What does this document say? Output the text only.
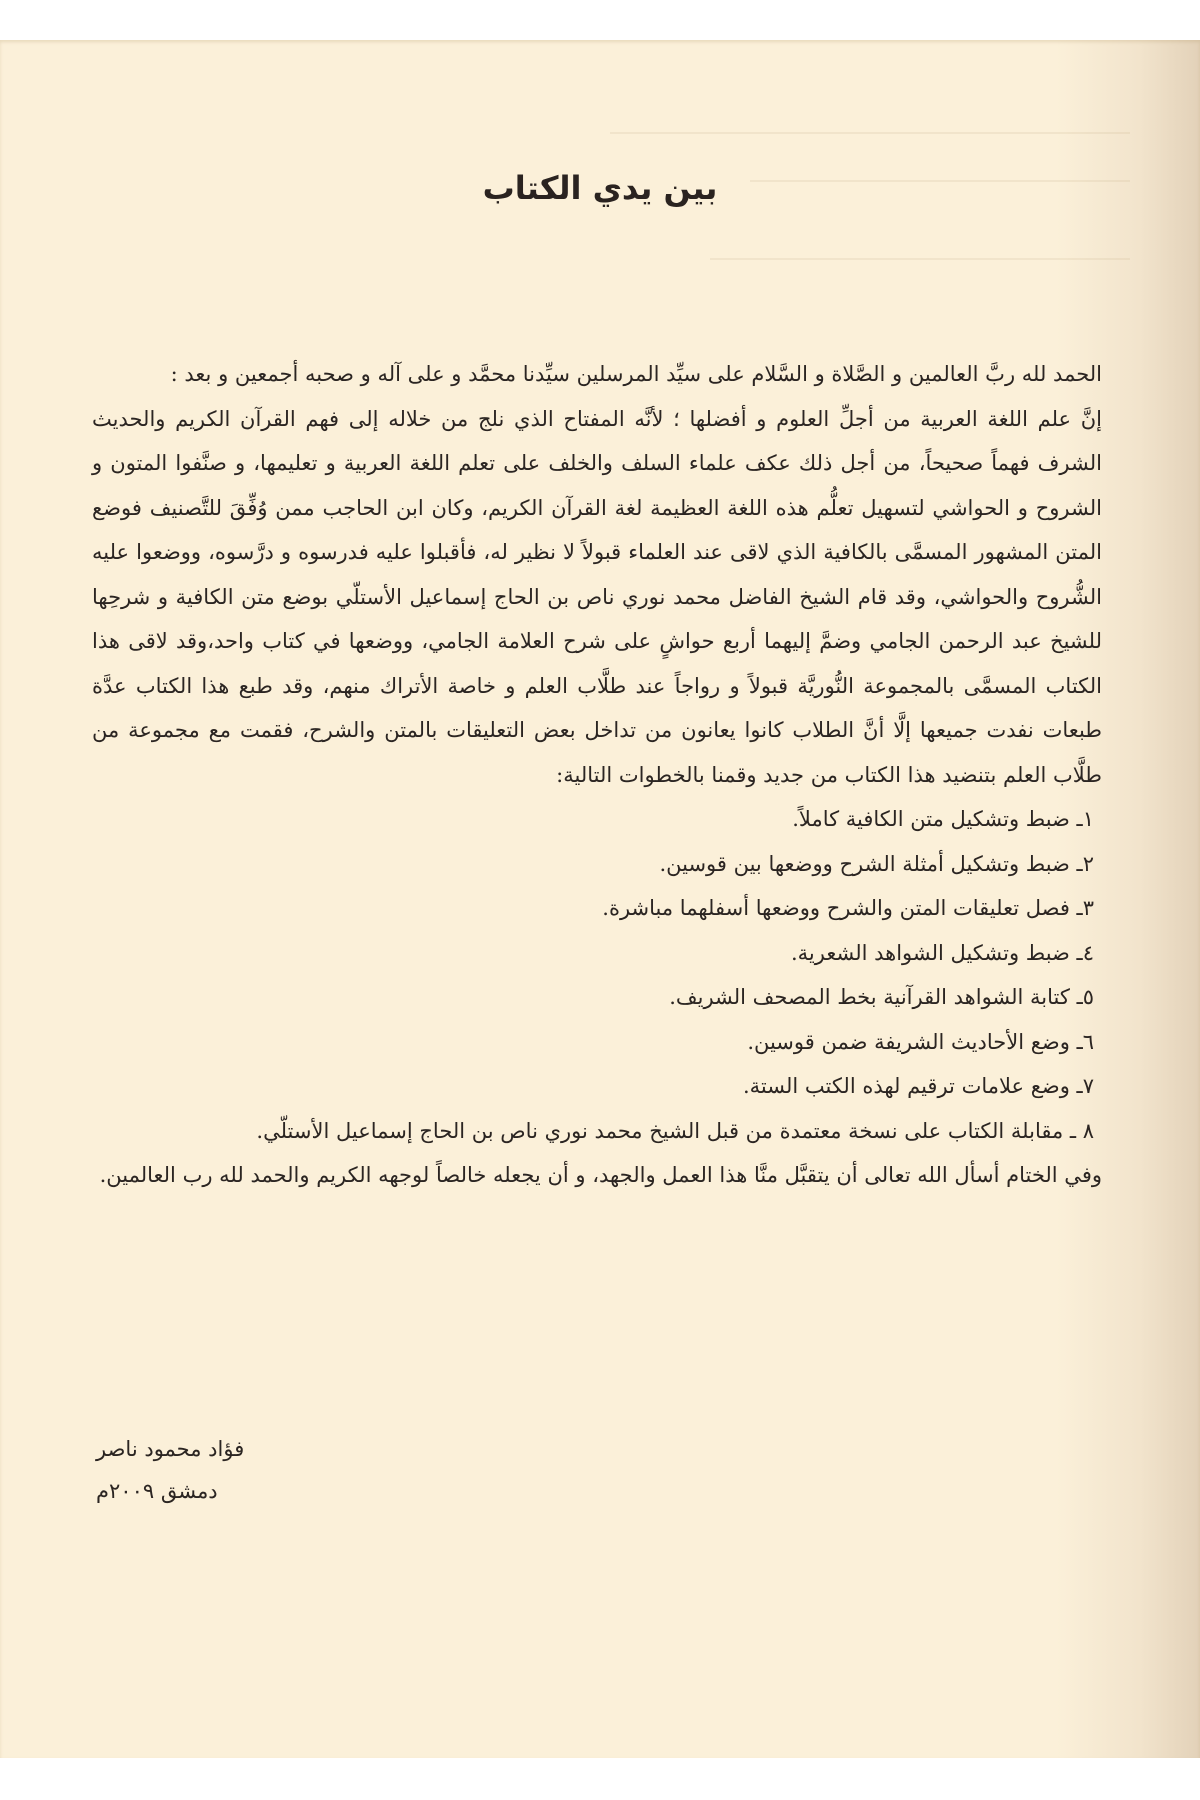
بين يدي الكتاب

الحمد لله ربَّ العالمين و الصَّلاة و السَّلام على سيِّد المرسلين سيِّدنا محمَّد و على آله و صحبه أجمعين و بعد :

إنَّ علم اللغة العربية من أجلِّ العلوم و أفضلها ؛ لأنَّه المفتاح الذي نلج من خلاله إلى فهم القرآن الكريم والحديث الشرف فهماً صحيحاً، من أجل ذلك عكف علماء السلف والخلف على تعلم اللغة العربية و تعليمها، و صنَّفوا المتون و الشروح و الحواشي لتسهيل تعلُّم هذه اللغة العظيمة لغة القرآن الكريم، وكان ابن الحاجب ممن وُفِّقَ للتَّصنيف فوضع المتن المشهور المسمَّى بالكافية الذي لاقى عند العلماء قبولاً لا نظير له، فأقبلوا عليه فدرسوه و درَّسوه، ووضعوا عليه الشُّروح والحواشي، وقد قام الشيخ الفاضل محمد نوري ناص بن الحاج إسماعيل الأستلّي بوضع متن الكافية و شرحِها للشيخ عبد الرحمن الجامي وضمَّ إليهما أربع حواشٍ على شرح العلامة الجامي، ووضعها في كتاب واحد،وقد لاقى هذا الكتاب المسمَّى بالمجموعة النُّوريَّة قبولاً و رواجاً عند طلَّاب العلم و خاصة الأتراك منهم، وقد طبع هذا الكتاب عدَّة طبعات نفدت جميعها إلَّا أنَّ الطلاب كانوا يعانون من تداخل بعض التعليقات بالمتن والشرح، فقمت مع مجموعة من طلَّاب العلم بتنضيد هذا الكتاب من جديد وقمنا بالخطوات التالية:

١ـ ضبط وتشكيل متن الكافية كاملاً.
٢ـ ضبط وتشكيل أمثلة الشرح ووضعها بين قوسين.
٣ـ فصل تعليقات المتن والشرح ووضعها أسفلهما مباشرة.
٤ـ ضبط وتشكيل الشواهد الشعرية.
٥ـ كتابة الشواهد القرآنية بخط المصحف الشريف.
٦ـ وضع الأحاديث الشريفة ضمن قوسين.
٧ـ وضع علامات ترقيم لهذه الكتب الستة.
٨ ـ مقابلة الكتاب على نسخة معتمدة من قبل الشيخ محمد نوري ناص بن الحاج إسماعيل الأستلّي.

وفي الختام أسأل الله تعالى أن يتقبَّل منَّا هذا العمل والجهد، و أن يجعله خالصاً لوجهه الكريم والحمد لله رب العالمين.

فؤاد محمود ناصر
دمشق ٢٠٠٩م
